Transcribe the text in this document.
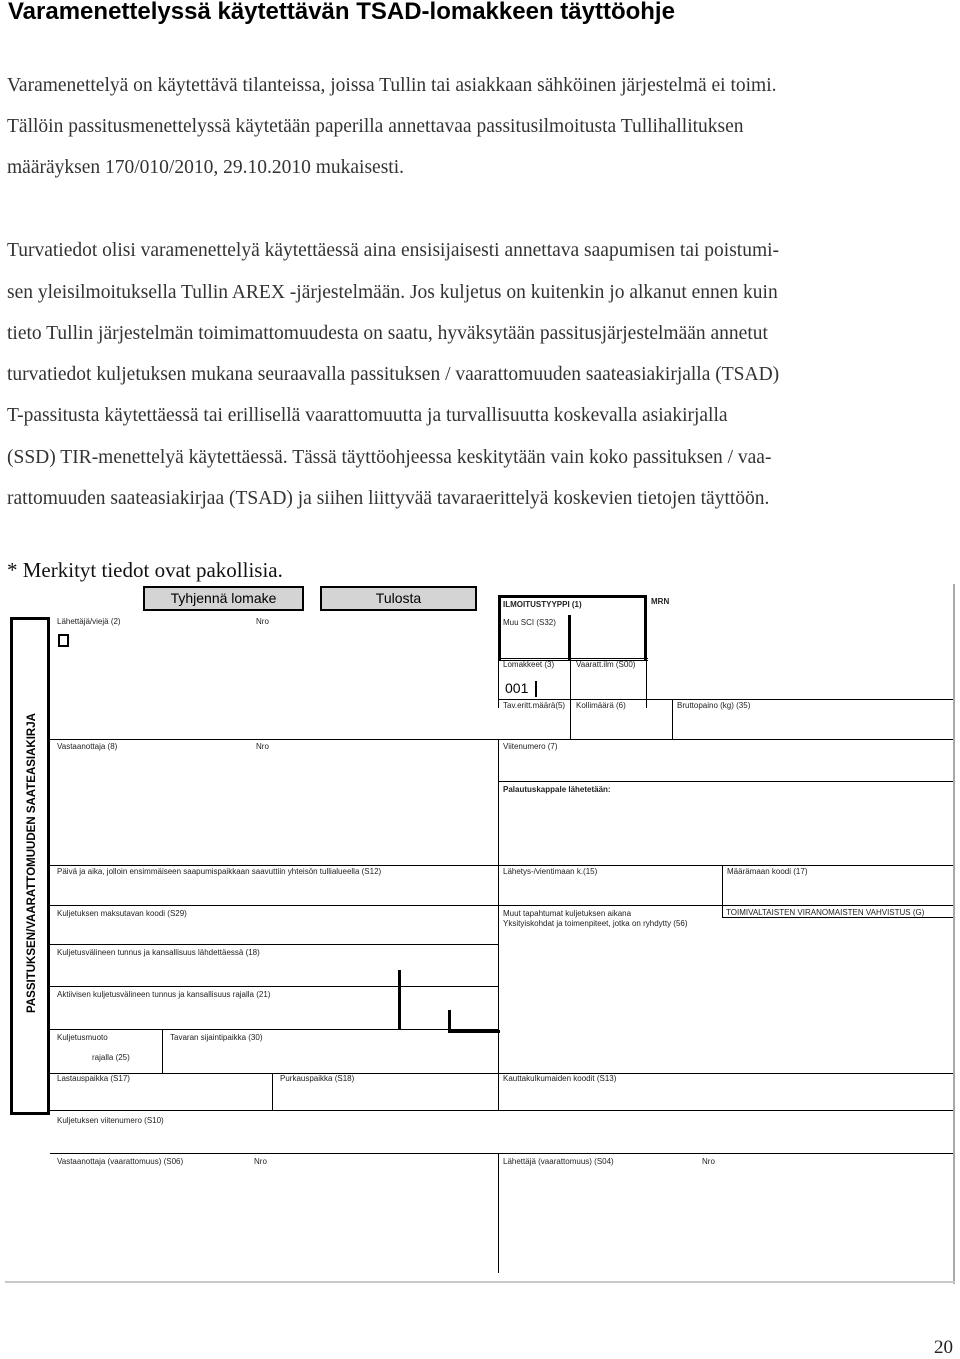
Varamenettelyssä käytettävän TSAD-lomakkeen täyttöohje
Varamenettelyä on käytettävä tilanteissa, joissa Tullin tai asiakkaan sähköinen järjestelmä ei toimi.
Tällöin passitusmenettelyssä käytetään paperilla annettavaa passitusilmoitusta Tullihallituksen
määräyksen 170/010/2010, 29.10.2010 mukaisesti.
Turvatiedot olisi varamenettelyä käytettäessä aina ensisijaisesti annettava saapumisen tai poistumi-
sen yleisilmoituksella Tullin AREX -järjestelmään. Jos kuljetus on kuitenkin jo alkanut ennen kuin
tieto Tullin järjestelmän toimimattomuudesta on saatu, hyväksytään passitusjärjestelmään annetut
turvatiedot kuljetuksen mukana seuraavalla passituksen / vaarattomuuden saateasiakirjalla (TSAD)
T-passitusta käytettäessä tai erillisellä vaarattomuutta ja turvallisuutta koskevalla asiakirjalla
(SSD) TIR-menettelyä käytettäessä. Tässä täyttöohjeessa keskitytään vain koko passituksen / vaa-
rattomuuden saateasiakirjaa (TSAD) ja siihen liittyvää tavaraerittelyä koskevien tietojen täyttöön.
* Merkityt tiedot ovat pakollisia.
Tyhjennä lomake	Tulosta
PASSITUKSEN/VAARATTOMUUDEN SAATEASIAKIRJA
001
ILMOITUSTYYPPI (1)	MRN
Muu SCI (S32)
Lähettäjä/viejä (2)	Nro
Lomakkeet (3)	Vaaratt.ilm (S00)
Tav.eritt.määrä(5) Kollimäärä (6)	Bruttopaino (kg) (35)
Vastaanottaja (8)	Nro	Viitenumero (7)
Palautuskappale lähetetään:
Päivä ja aika, jolloin ensimmäiseen saapumispaikkaan saavuttiin yhteisön tullialueella (S12)	Lähetys-/vientimaan k.(15)	Määrämaan koodi (17)
Kuljetuksen maksutavan koodi (S29)	Muut tapahtumat kuljetuksen aikana
Yksityiskohdat ja toimenpiteet, jotka on ryhdytty (56)
TOIMIVALTAISTEN VIRANOMAISTEN VAHVISTUS (G)
Kuljetusvälineen tunnus ja kansallisuus lähdettäessä (18)
Aktiivisen kuljetusvälineen tunnus ja kansallisuus rajalla (21)
Kuljetusmuoto	Tavaran sijaintipaikka (30)
rajalla (25)
Lastauspaikka (S17)	Purkauspaikka (S18)	Kauttakulkumaiden koodit (S13)
Kuljetuksen viitenumero (S10)
Vastaanottaja (vaarattomuus) (S06)	Nro	Lähettäjä (vaarattomuus) (S04)	Nro
20
